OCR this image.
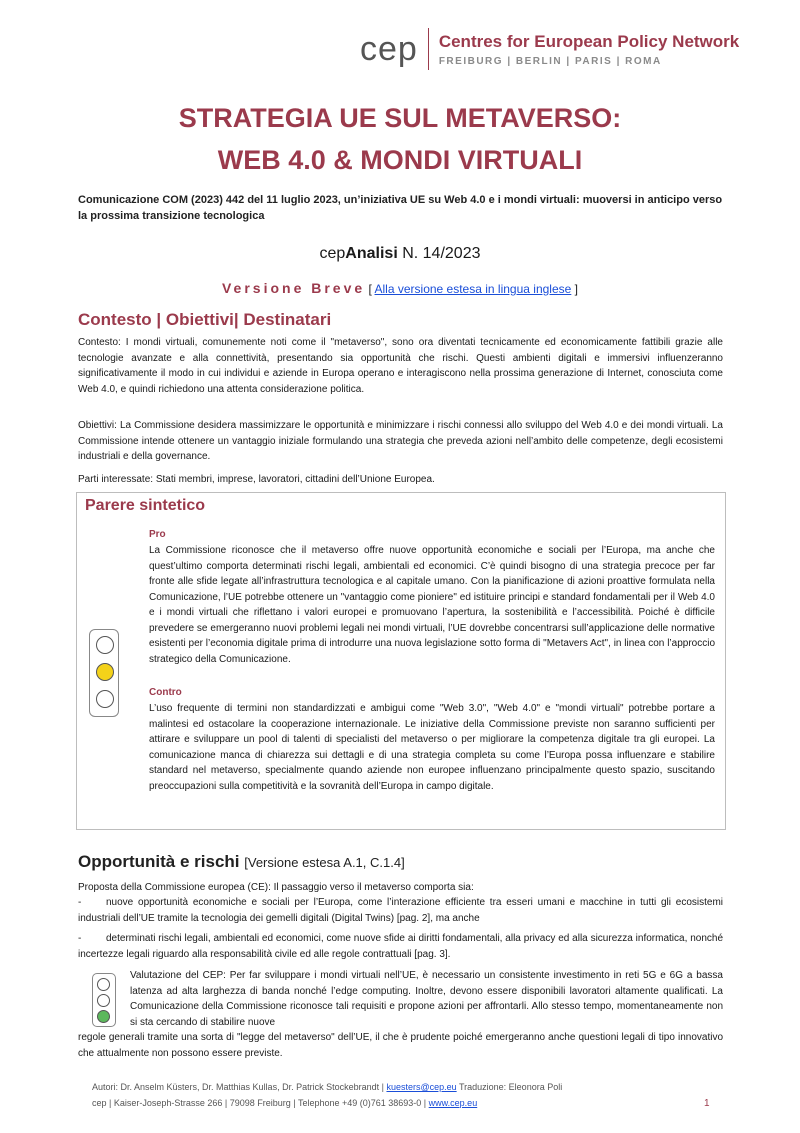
cep Centres for European Policy Network
FREIBURG | BERLIN | PARIS | ROMA
STRATEGIA UE SUL METAVERSO:
WEB 4.0 & MONDI VIRTUALI
Comunicazione COM (2023) 442 del 11 luglio 2023, un’iniziativa UE su Web 4.0 e i mondi virtuali: muoversi in anticipo verso la prossima transizione tecnologica
cepAnalisi N. 14/2023
Versione Breve [ Alla versione estesa in lingua inglese ]
Contesto | Obiettivi| Destinatari
Contesto: I mondi virtuali, comunemente noti come il "metaverso", sono ora diventati tecnicamente ed economicamente fattibili grazie alle tecnologie avanzate e alla connettività, presentando sia opportunità che rischi. Questi ambienti digitali e immersivi influenzeranno significativamente il modo in cui individui e aziende in Europa operano e interagiscono nella prossima generazione di Internet, conosciuta come Web 4.0, e quindi richiedono una attenta considerazione politica.
Obiettivi: La Commissione desidera massimizzare le opportunità e minimizzare i rischi connessi allo sviluppo del Web 4.0 e dei mondi virtuali. La Commissione intende ottenere un vantaggio iniziale formulando una strategia che preveda azioni nell’ambito delle competenze, degli ecosistemi industriali e della governance.
Parti interessate: Stati membri, imprese, lavoratori, cittadini dell’Unione Europea.
Parere sintetico
Pro
La Commissione riconosce che il metaverso offre nuove opportunità economiche e sociali per l’Europa, ma anche che quest’ultimo comporta determinati rischi legali, ambientali ed economici. C’è quindi bisogno di una strategia precoce per far fronte alle sfide legate all’infrastruttura tecnologica e al capitale umano. Con la pianificazione di azioni proattive formulata nella Comunicazione, l’UE potrebbe ottenere un "vantaggio come pioniere" ed istituire principi e standard fondamentali per il Web 4.0 e i mondi virtuali che riflettano i valori europei e promuovano l’apertura, la sostenibilità e l’accessibilità. Poiché è difficile prevedere se emergeranno nuovi problemi legali nei mondi virtuali, l’UE dovrebbe concentrarsi sull’applicazione delle normative esistenti per l’economia digitale prima di introdurre una nuova legislazione sotto forma di "Metavers Act", in linea con l’approccio strategico della Comunicazione.
Contro
L’uso frequente di termini non standardizzati e ambigui come "Web 3.0", "Web 4.0" e "mondi virtuali" potrebbe portare a malintesi ed ostacolare la cooperazione internazionale. Le iniziative della Commissione previste non saranno sufficienti per attirare e sviluppare un pool di talenti di specialisti del metaverso o per migliorare la competenza digitale tra gli europei. La comunicazione manca di chiarezza sui dettagli e di una strategia completa su come l’Europa possa influenzare e stabilire standard nel metaverso, specialmente quando aziende non europee influenzano principalmente questo spazio, suscitando preoccupazioni sulla competitività e la sovranità dell’Europa in campo digitale.
Opportunità e rischi [Versione estesa A.1, C.1.4]
Proposta della Commissione europea (CE): Il passaggio verso il metaverso comporta sia:
- nuove opportunità economiche e sociali per l’Europa, come l’interazione efficiente tra esseri umani e macchine in tutti gli ecosistemi industriali dell’UE tramite la tecnologia dei gemelli digitali (Digital Twins) [pag. 2], ma anche
- determinati rischi legali, ambientali ed economici, come nuove sfide ai diritti fondamentali, alla privacy ed alla sicurezza informatica, nonché incertezze legali riguardo alla responsabilità civile ed alle regole contrattuali [pag. 3].
Valutazione del CEP: Per far sviluppare i mondi virtuali nell’UE, è necessario un consistente investimento in reti 5G e 6G a bassa latenza ad alta larghezza di banda nonché l’edge computing. Inoltre, devono essere disponibili lavoratori altamente qualificati. La Comunicazione della Commissione riconosce tali requisiti e propone azioni per affrontarli. Allo stesso tempo, momentaneamente non si sta cercando di stabilire nuove
regole generali tramite una sorta di "legge del metaverso" dell’UE, il che è prudente poiché emergeranno anche questioni legali di tipo innovativo che attualmente non possono essere previste.
Autori: Dr. Anselm Küsters, Dr. Matthias Kullas, Dr. Patrick Stockebrandt | kuesters@cep.eu Traduzione: Eleonora Poli
cep | Kaiser-Joseph-Strasse 266 | 79098 Freiburg | Telephone +49 (0)761 38693-0 | www.cep.eu	1
